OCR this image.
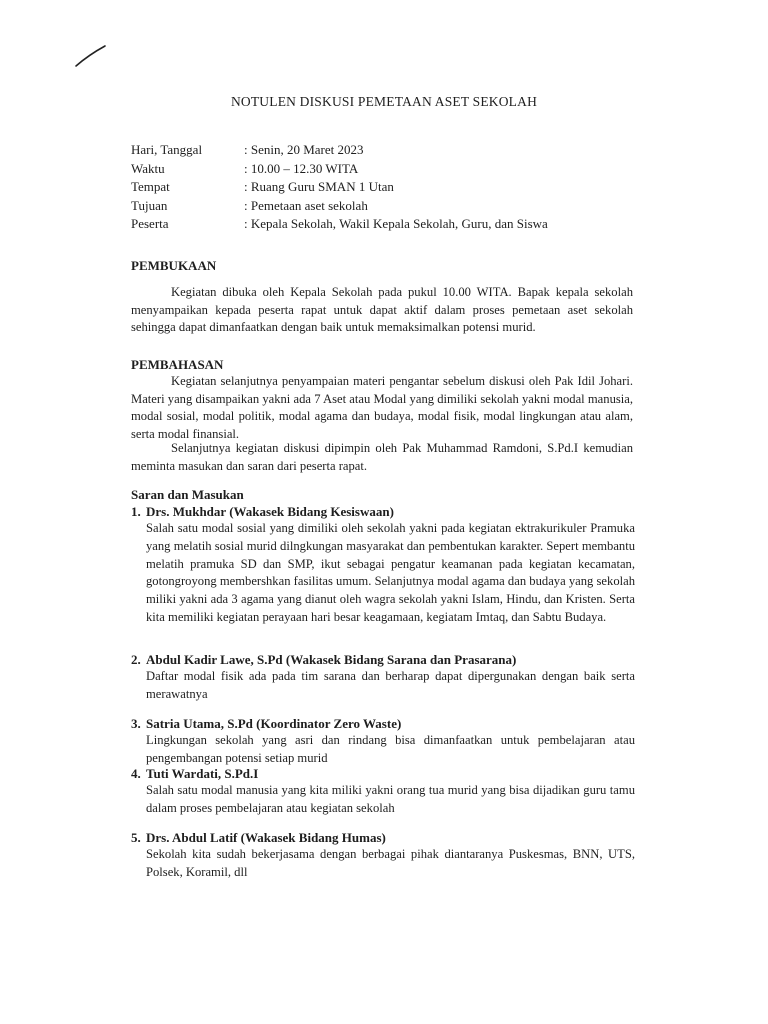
NOTULEN DISKUSI PEMETAAN ASET SEKOLAH
Hari, Tanggal	: Senin, 20 Maret 2023
Waktu	: 10.00 – 12.30 WITA
Tempat	: Ruang Guru SMAN 1 Utan
Tujuan	: Pemetaan aset sekolah
Peserta	: Kepala Sekolah, Wakil Kepala Sekolah, Guru, dan Siswa
PEMBUKAAN

Kegiatan dibuka oleh Kepala Sekolah pada pukul 10.00 WITA. Bapak kepala sekolah menyampaikan kepada peserta rapat untuk dapat aktif dalam proses pemetaan aset sekolah sehingga dapat dimanfaatkan dengan baik untuk memaksimalkan potensi murid.

PEMBAHASAN

Kegiatan selanjutnya penyampaian materi pengantar sebelum diskusi oleh Pak Idil Johari. Materi yang disampaikan yakni ada 7 Aset atau Modal yang dimiliki sekolah yakni modal manusia, modal sosial, modal politik, modal agama dan budaya, modal fisik, modal lingkungan atau alam, serta modal finansial.

Selanjutnya kegiatan diskusi dipimpin oleh Pak Muhammad Ramdoni, S.Pd.I kemudian meminta masukan dan saran dari peserta rapat.

Saran dan Masukan
1. Drs. Mukhdar (Wakasek Bidang Kesiswaan)
Salah satu modal sosial yang dimiliki oleh sekolah yakni pada kegiatan ektrakurikuler Pramuka yang melatih sosial murid dilngkungan masyarakat dan pembentukan karakter. Sepert membantu melatih pramuka SD dan SMP, ikut sebagai pengatur keamanan pada kegiatan kecamatan, gotongroyong membershkan fasilitas umum. Selanjutnya modal agama dan budaya yang sekolah miliki yakni ada 3 agama yang dianut oleh wagra sekolah yakni Islam, Hindu, dan Kristen. Serta kita memiliki kegiatan perayaan hari besar keagamaan, kegiatam Imtaq, dan Sabtu Budaya.
2. Abdul Kadir Lawe, S.Pd (Wakasek Bidang Sarana dan Prasarana)
Daftar modal fisik ada pada tim sarana dan berharap dapat dipergunakan dengan baik serta merawatnya
3. Satria Utama, S.Pd (Koordinator Zero Waste)
Lingkungan sekolah yang asri dan rindang bisa dimanfaatkan untuk pembelajaran atau pengembangan potensi setiap murid
4. Tuti Wardati, S.Pd.I
Salah satu modal manusia yang kita miliki yakni orang tua murid yang bisa dijadikan guru tamu dalam proses pembelajaran atau kegiatan sekolah
5. Drs. Abdul Latif (Wakasek Bidang Humas)
Sekolah kita sudah bekerjasama dengan berbagai pihak diantaranya Puskesmas, BNN, UTS, Polsek, Koramil, dll
